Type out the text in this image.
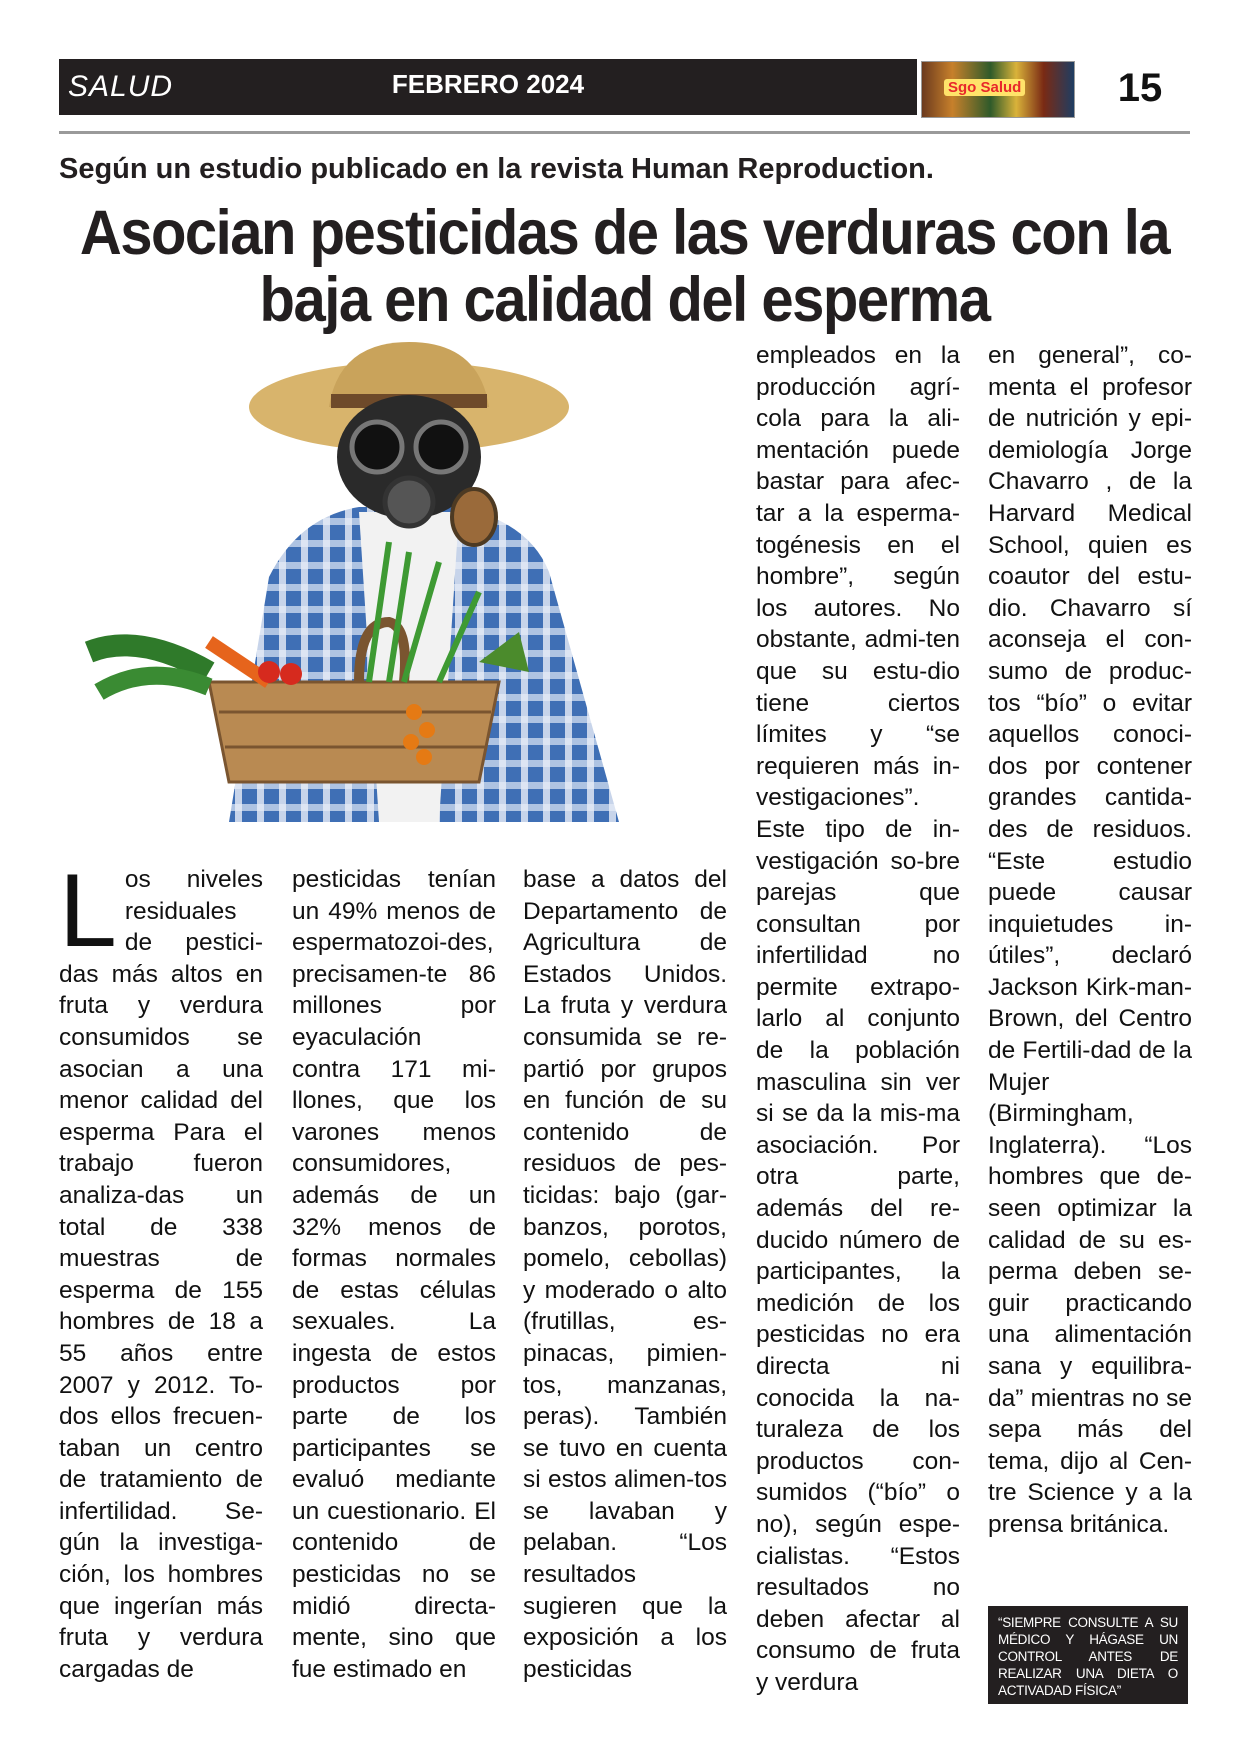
FEBRERO 2024
SALUD	Sgo Salud	15
Según un estudio publicado en la revista Human Reproduction.
Asocian pesticidas de las verduras con la baja en calidad del esperma
Los niveles residuales de pestici-das más altos en fruta y verdura consumidos se asocian a una menor calidad del esperma Para el trabajo fueron analiza-das un total de 338 muestras de esperma de 155 hombres de 18 a 55 años entre 2007 y 2012. To-dos ellos frecuen-taban un centro de tratamiento de infertilidad. Se-gún la investiga-ción, los hombres que ingerían más fruta y verdura cargadas de
pesticidas tenían un 49% menos de espermatozoi-des, precisamen-te 86 millones por eyaculación contra 171 mi-llones, que los varones menos consumidores, además de un 32% menos de formas normales de estas células sexuales. La ingesta de estos productos por parte de los participantes se evaluó mediante un cuestionario. El contenido de pesticidas no se midió directa-mente, sino que fue estimado en
base a datos del Departamento de Agricultura de Estados Unidos. La fruta y verdura consumida se re-partió por grupos en función de su contenido de residuos de pes-ticidas: bajo (gar-banzos, porotos, pomelo, cebollas) y moderado o alto (frutillas, es-pinacas, pimien-tos, manzanas, peras). También se tuvo en cuenta si estos alimen-tos se lavaban y pelaban. “Los resultados sugieren que la exposición a los pesticidas
empleados en la producción agrí-cola para la ali-mentación puede bastar para afec-tar a la esperma-togénesis en el hombre”, según los autores. No obstante, admi-ten que su estu-dio tiene ciertos límites y “se requieren más in-vestigaciones”. Este tipo de in-vestigación so-bre parejas que consultan por infertilidad no permite extrapo-larlo al conjunto de la población masculina sin ver si se da la mis-ma asociación. Por otra parte, además del re-ducido número de participantes, la medición de los pesticidas no era directa ni conocida la na-turaleza de los productos con-sumidos (“bío” o no), según espe-cialistas. “Estos resultados no deben afectar al consumo de fruta y verdura
en general”, co-menta el profesor de nutrición y epi-demiología Jorge Chavarro , de la Harvard Medical School, quien es coautor del estu-dio. Chavarro sí aconseja el con-sumo de produc-tos “bío” o evitar aquellos conoci-dos por contener grandes cantida-des de residuos. “Este estudio puede causar inquietudes in-útiles”, declaró Jackson Kirk-man-Brown, del Centro de Fertili-dad de la Mujer (Birmingham, Inglaterra). “Los hombres que de-seen optimizar la calidad de su es-perma deben se-guir practicando una alimentación sana y equilibra-da” mientras no se sepa más del tema, dijo al Cen-tre Science y a la prensa británica.
“SIEMPRE CONSULTE A SU MÉDICO Y HÁGASE UN CONTROL ANTES DE REALIZAR UNA DIETA O ACTIVADAD FÍSICA”
